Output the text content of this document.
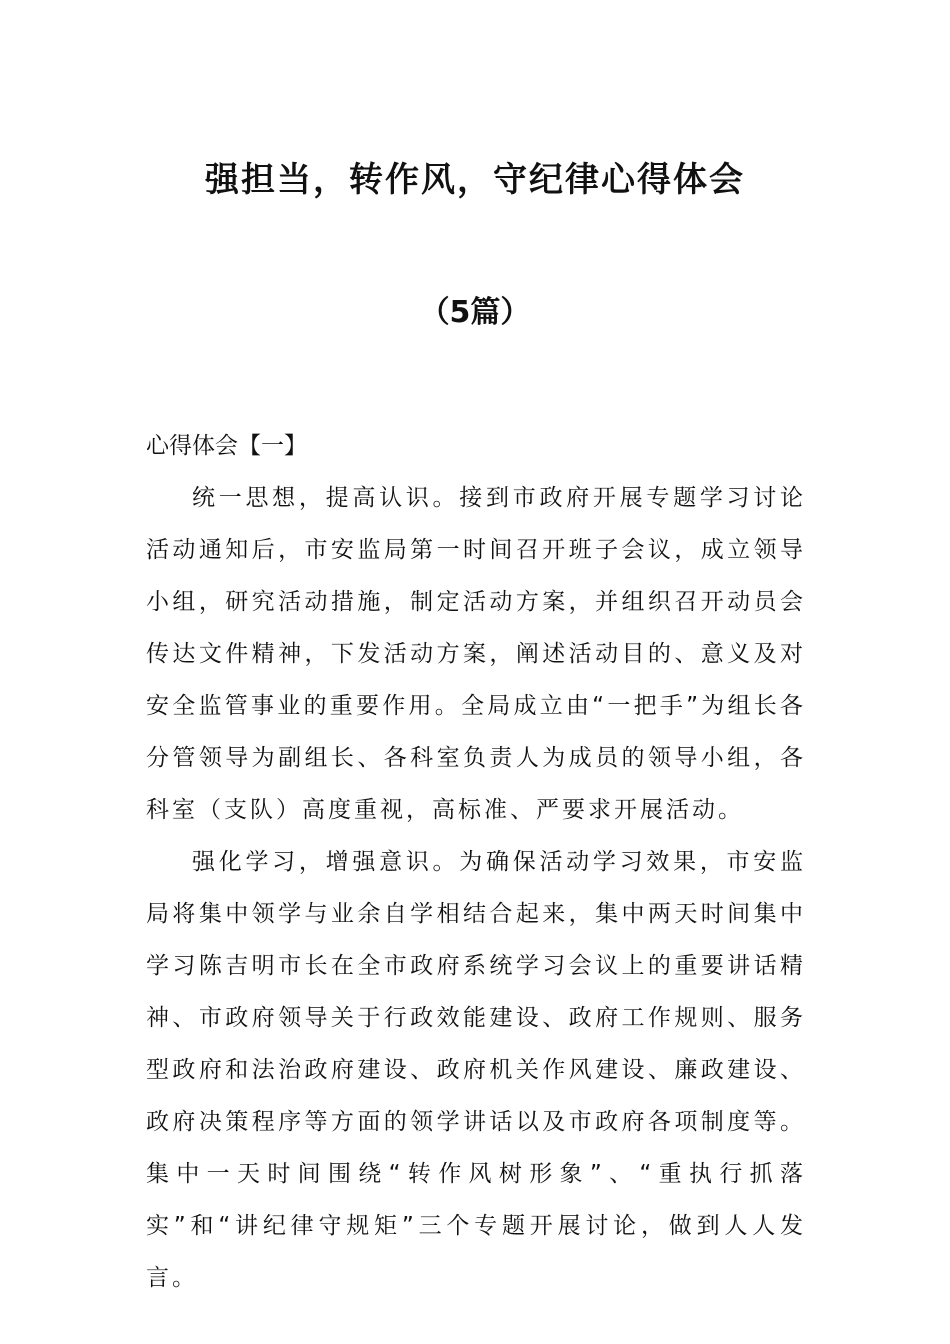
强担当，转作风，守纪律心得体会
（5篇）
心得体会【一】

统一思想，提高认识。接到市政府开展专题学习讨论活动通知后，市安监局第一时间召开班子会议，成立领导小组，研究活动措施，制定活动方案，并组织召开动员会传达文件精神，下发活动方案，阐述活动目的、意义及对安全监管事业的重要作用。全局成立由“一把手”为组长各分管领导为副组长、各科室负责人为成员的领导小组，各科室（支队）高度重视，高标准、严要求开展活动。

强化学习，增强意识。为确保活动学习效果，市安监局将集中领学与业余自学相结合起来，集中两天时间集中学习陈吉明市长在全市政府系统学习会议上的重要讲话精神、市政府领导关于行政效能建设、政府工作规则、服务型政府和法治政府建设、政府机关作风建设、廉政建设、政府决策程序等方面的领学讲话以及市政府各项制度等。集中一天时间围绕“转作风树形象”、“重执行抓落实”和“讲纪律守规矩”三个专题开展讨论，做到人人发言。
